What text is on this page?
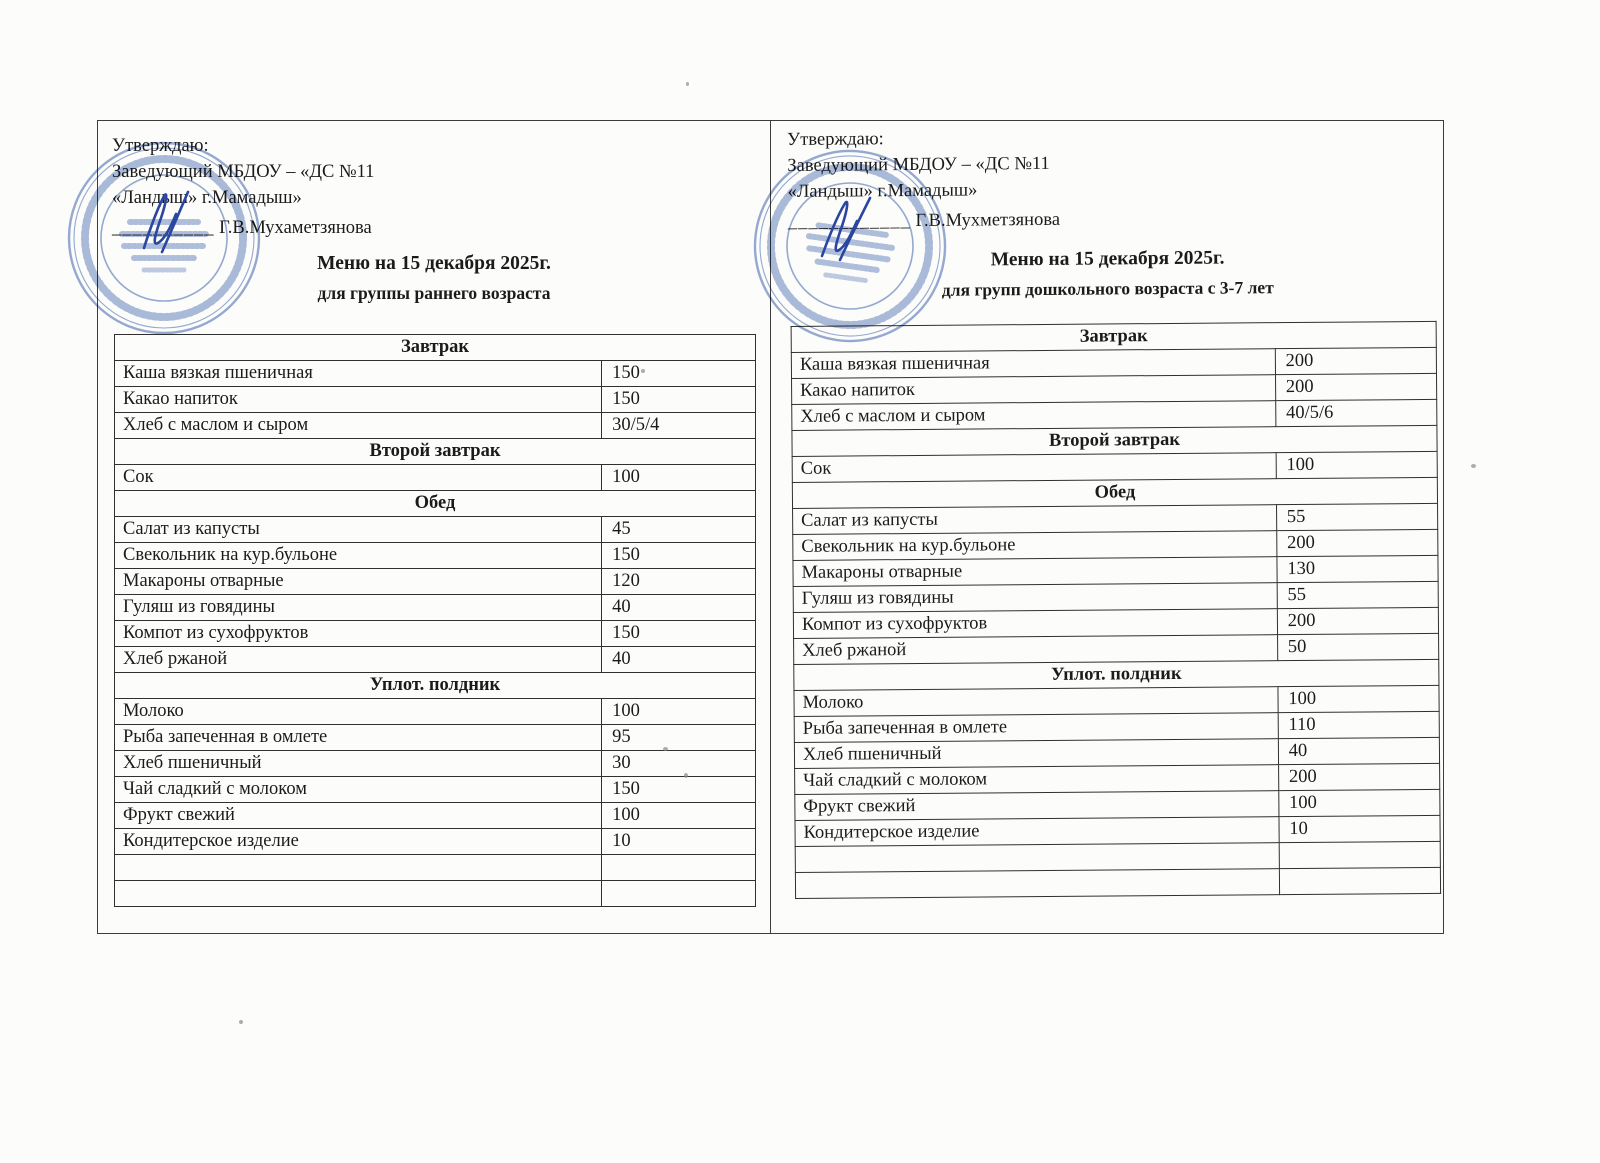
Утверждаю:
Заведующий МБДОУ – «ДС №11
«Ландыш» г.Мамадыш»
__________ Г.В.Мухаметзянова
Меню на 15 декабря 2025г.
для группы раннего возраста
Завтрак	
Каша вязкая пшеничная	150
Какао напиток	150
Хлеб с маслом и сыром	30/5/4
Второй завтрак	
Сок	100
Обед	
Салат из капусты	45
Свекольник на кур.бульоне	150
Макароны отварные	120
Гуляш из говядины	40
Компот из сухофруктов	150
Хлеб ржаной	40
Уплот. полдник	
Молоко	100
Рыба запеченная в омлете	95
Хлеб пшеничный	30
Чай сладкий с молоком	150
Фрукт свежий	100
Кондитерское изделие	10

Утверждаю:
Заведующий МБДОУ – «ДС №11
«Ландыш» г.Мамадыш»
____________ Г.В.Мухметзянова
Меню на 15 декабря 2025г.
для групп дошкольного возраста с 3-7 лет
Завтрак	
Каша вязкая пшеничная	200
Какао напиток	200
Хлеб с маслом и сыром	40/5/6
Второй завтрак	
Сок	100
Обед	
Салат из капусты	55
Свекольник на кур.бульоне	200
Макароны отварные	130
Гуляш из говядины	55
Компот из сухофруктов	200
Хлеб ржаной	50
Уплот. полдник	
Молоко	100
Рыба запеченная в омлете	110
Хлеб пшеничный	40
Чай сладкий с молоком	200
Фрукт свежий	100
Кондитерское изделие	10
